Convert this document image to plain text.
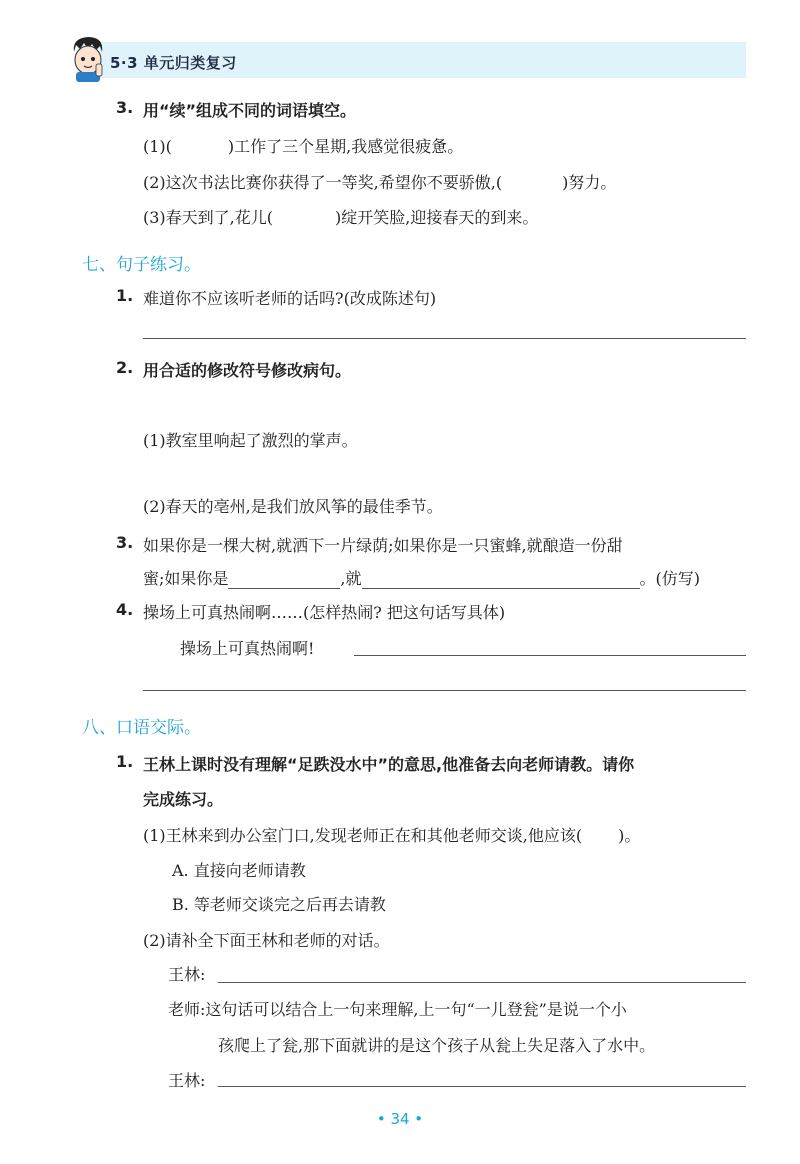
5·3 单元归类复习
3. 用“续”组成不同的词语填空。
(1)(	)工作了三个星期,我感觉很疲惫。
(2)这次书法比赛你获得了一等奖,希望你不要骄傲,(	)努力。
(3)春天到了,花儿(	)绽开笑脸,迎接春天的到来。
七、句子练习。
1. 难道你不应该听老师的话吗?(改成陈述句)
2. 用合适的修改符号修改病句。
(1)教室里响起了激烈的掌声。
(2)春天的亳州,是我们放风筝的最佳季节。
3. 如果你是一棵大树,就洒下一片绿荫;如果你是一只蜜蜂,就酿造一份甜
蜜;如果你是	,就	。(仿写)
4. 操场上可真热闹啊……(怎样热闹? 把这句话写具体)
操场上可真热闹啊!
八、口语交际。
1. 王林上课时没有理解“足跌没水中”的意思,他准备去向老师请教。请你
完成练习。
(1)王林来到办公室门口,发现老师正在和其他老师交谈,他应该( )。
A. 直接向老师请教
B. 等老师交谈完之后再去请教
(2)请补全下面王林和老师的对话。
王林:
老师:这句话可以结合上一句来理解,上一句“一儿登瓮”是说一个小
孩爬上了瓮,那下面就讲的是这个孩子从瓮上失足落入了水中。
王林:
• 34 •
